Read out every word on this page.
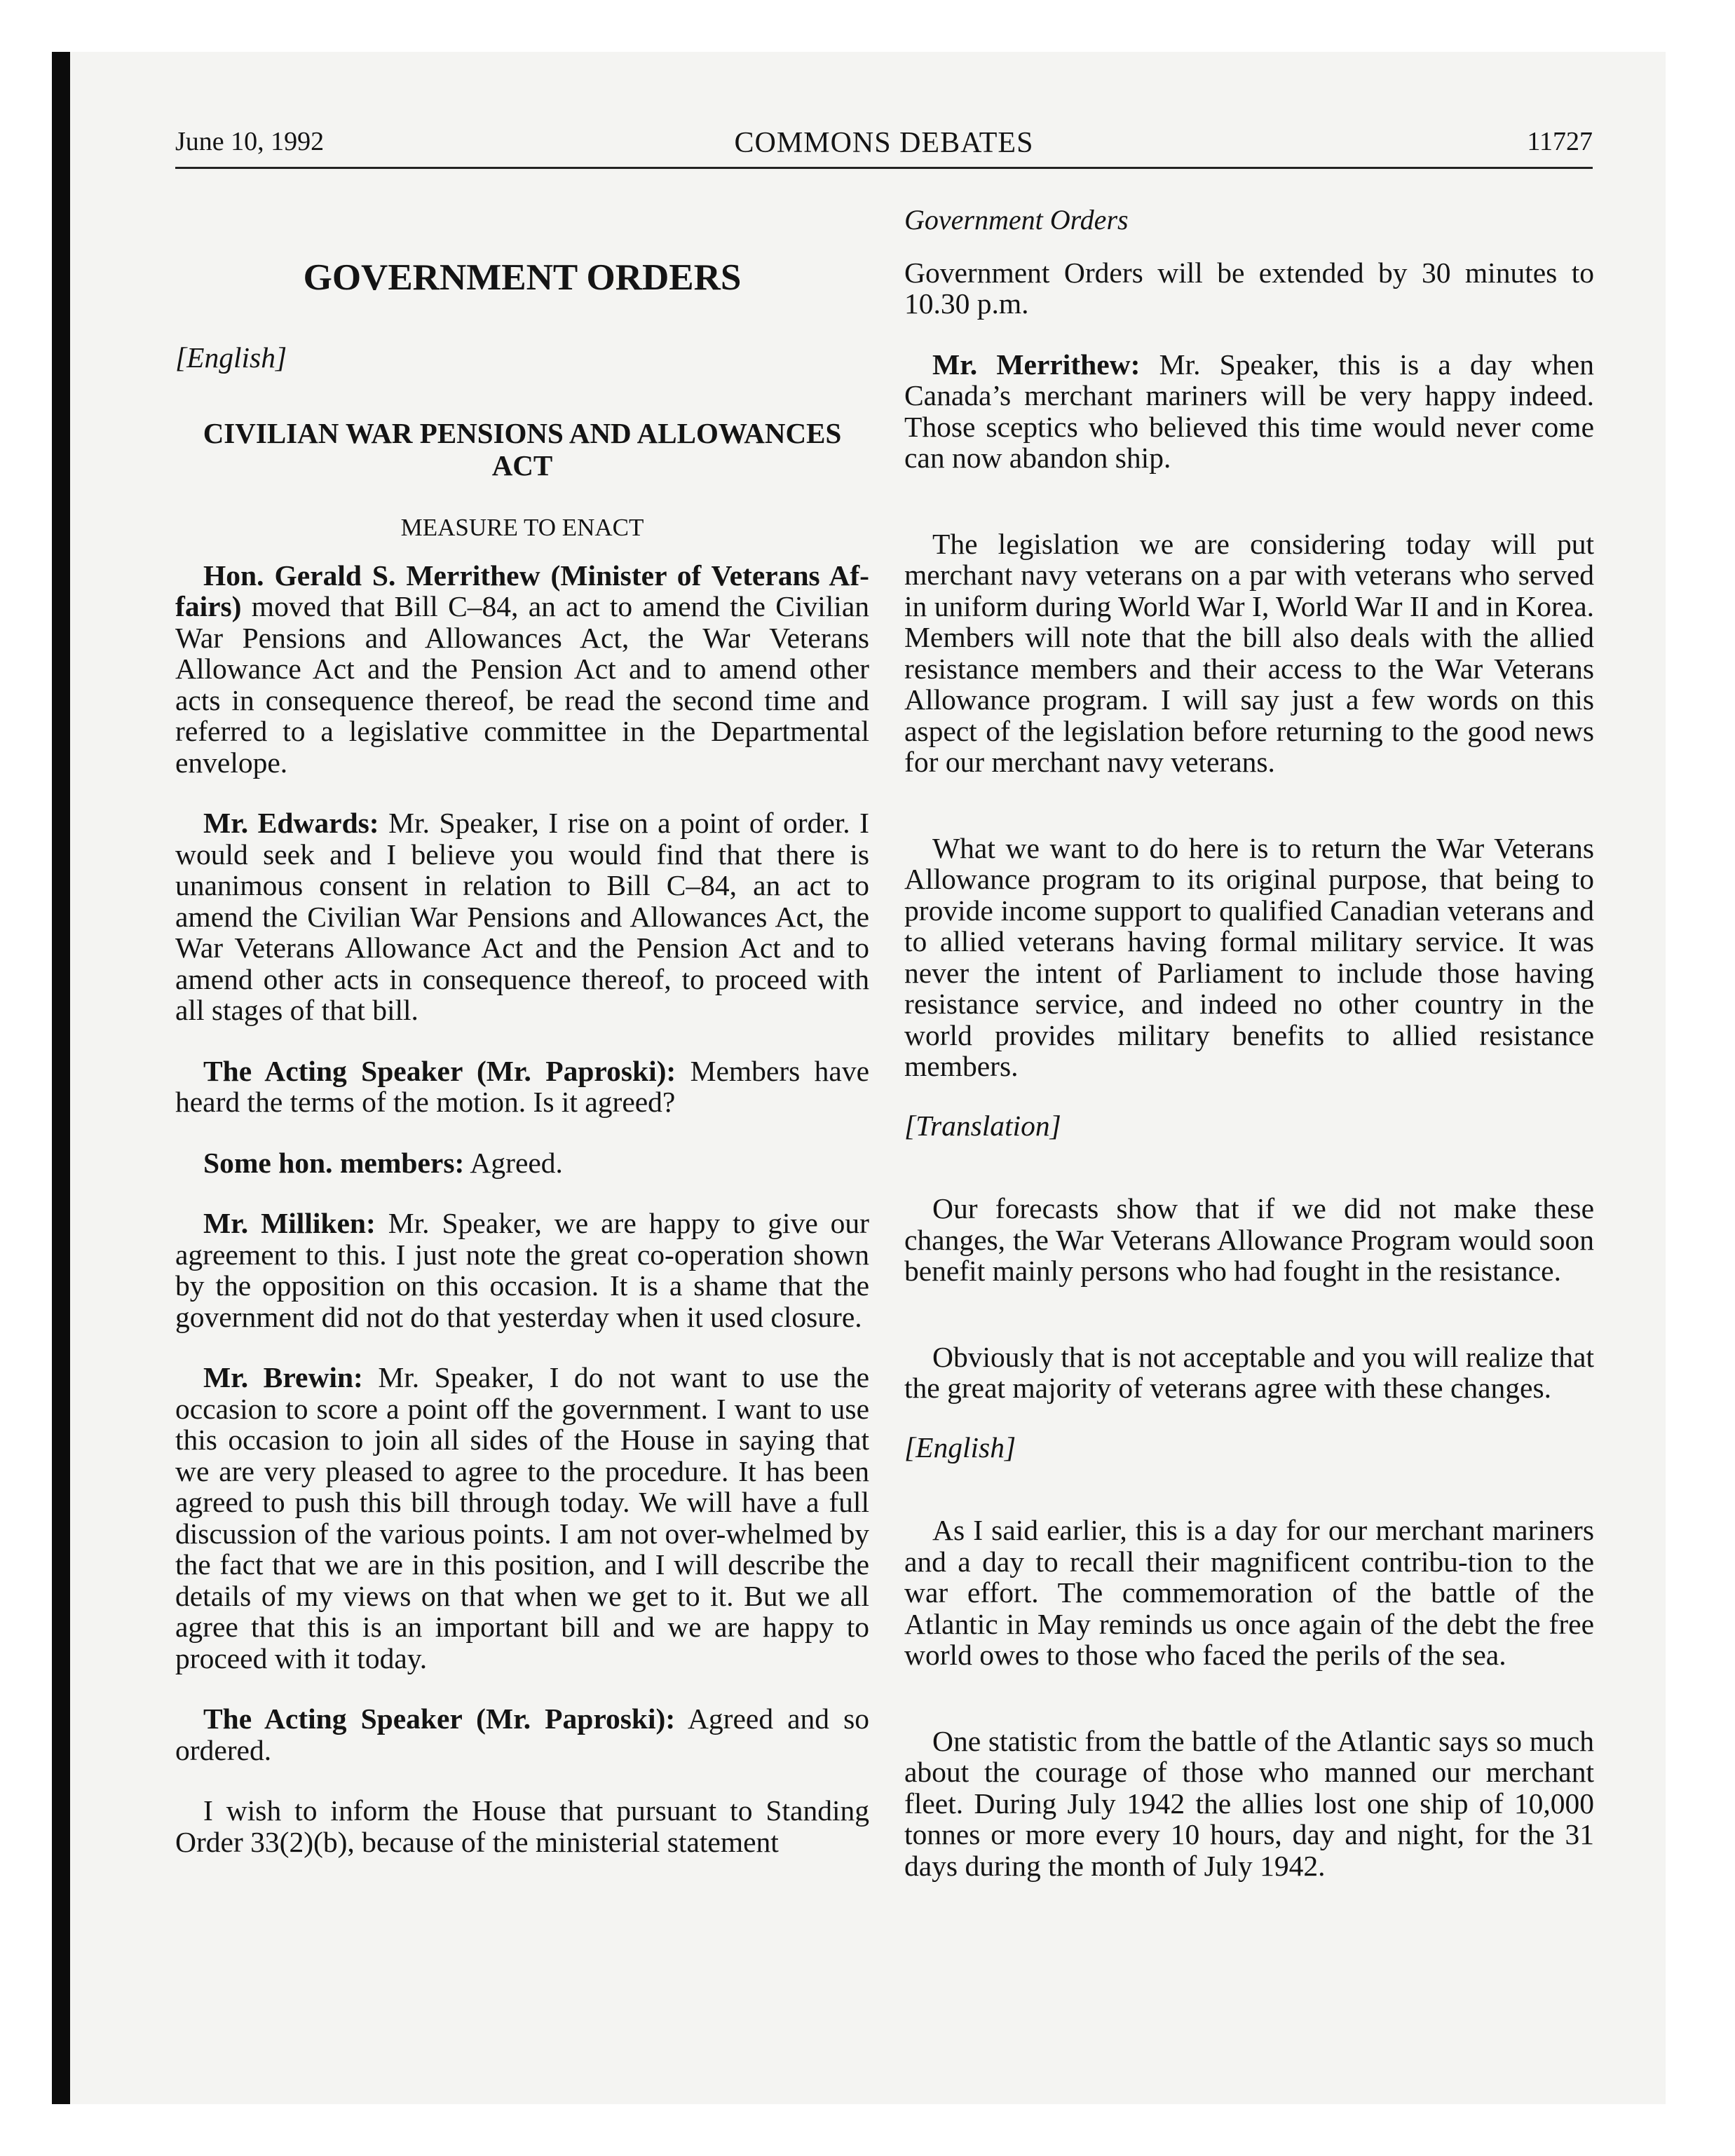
June 10, 1992	COMMONS DEBATES	11727
GOVERNMENT ORDERS

[English]

CIVILIAN WAR PENSIONS AND ALLOWANCES
ACT
MEASURE TO ENACT

Hon. Gerald S. Merrithew (Minister of Veterans Af-fairs) moved that Bill C–84, an act to amend the Civilian War Pensions and Allowances Act, the War Veterans Allowance Act and the Pension Act and to amend other acts in consequence thereof, be read the second time and referred to a legislative committee in the Departmental envelope.

Mr. Edwards: Mr. Speaker, I rise on a point of order. I would seek and I believe you would find that there is unanimous consent in relation to Bill C–84, an act to amend the Civilian War Pensions and Allowances Act, the War Veterans Allowance Act and the Pension Act and to amend other acts in consequence thereof, to proceed with all stages of that bill.

The Acting Speaker (Mr. Paproski): Members have heard the terms of the motion. Is it agreed?

Some hon. members: Agreed.

Mr. Milliken: Mr. Speaker, we are happy to give our agreement to this. I just note the great co-operation shown by the opposition on this occasion. It is a shame that the government did not do that yesterday when it used closure.

Mr. Brewin: Mr. Speaker, I do not want to use the occasion to score a point off the government. I want to use this occasion to join all sides of the House in saying that we are very pleased to agree to the procedure. It has been agreed to push this bill through today. We will have a full discussion of the various points. I am not over-whelmed by the fact that we are in this position, and I will describe the details of my views on that when we get to it. But we all agree that this is an important bill and we are happy to proceed with it today.

The Acting Speaker (Mr. Paproski): Agreed and so ordered.

I wish to inform the House that pursuant to Standing Order 33(2)(b), because of the ministerial statement

Government Orders

Government Orders will be extended by 30 minutes to 10.30 p.m.

Mr. Merrithew: Mr. Speaker, this is a day when Canada’s merchant mariners will be very happy indeed. Those sceptics who believed this time would never come can now abandon ship.

The legislation we are considering today will put merchant navy veterans on a par with veterans who served in uniform during World War I, World War II and in Korea. Members will note that the bill also deals with the allied resistance members and their access to the War Veterans Allowance program. I will say just a few words on this aspect of the legislation before returning to the good news for our merchant navy veterans.

What we want to do here is to return the War Veterans Allowance program to its original purpose, that being to provide income support to qualified Canadian veterans and to allied veterans having formal military service. It was never the intent of Parliament to include those having resistance service, and indeed no other country in the world provides military benefits to allied resistance members.

[Translation]

Our forecasts show that if we did not make these changes, the War Veterans Allowance Program would soon benefit mainly persons who had fought in the resistance.

Obviously that is not acceptable and you will realize that the great majority of veterans agree with these changes.

[English]

As I said earlier, this is a day for our merchant mariners and a day to recall their magnificent contribu-tion to the war effort. The commemoration of the battle of the Atlantic in May reminds us once again of the debt the free world owes to those who faced the perils of the sea.

One statistic from the battle of the Atlantic says so much about the courage of those who manned our merchant fleet. During July 1942 the allies lost one ship of 10,000 tonnes or more every 10 hours, day and night, for the 31 days during the month of July 1942.
